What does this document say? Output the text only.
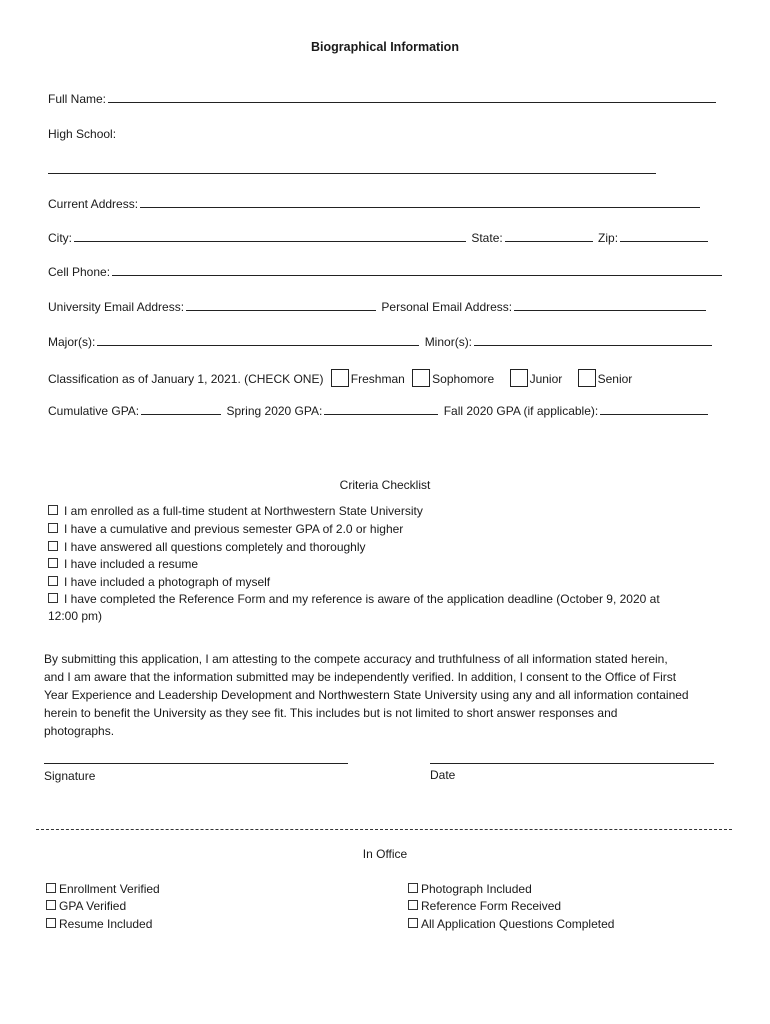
Biographical Information
Full Name:
High School:
Current Address:
City:	State:	Zip:
Cell Phone:
University Email Address:	Personal Email Address:
Major(s):	Minor(s):
Classification as of January 1, 2021. (CHECK ONE) Freshman Sophomore	Junior	Senior
Cumulative GPA:	Spring 2020 GPA:	Fall 2020 GPA (if applicable):
Criteria Checklist
I am enrolled as a full-time student at Northwestern State University
I have a cumulative and previous semester GPA of 2.0 or higher
I have answered all questions completely and thoroughly
I have included a resume
I have included a photograph of myself
I have completed the Reference Form and my reference is aware of the application deadline (October 9, 2020 at
12:00 pm)
By submitting this application, I am attesting to the compete accuracy and truthfulness of all information stated herein,
and I am aware that the information submitted may be independently verified. In addition, I consent to the Office of First
Year Experience and Leadership Development and Northwestern State University using any and all information contained
herein to benefit the University as they see fit. This includes but is not limited to short answer responses and
photographs.
Signature	Date
In Office
Enrollment Verified
GPA Verified
Resume Included
Photograph Included
Reference Form Received
All Application Questions Completed
